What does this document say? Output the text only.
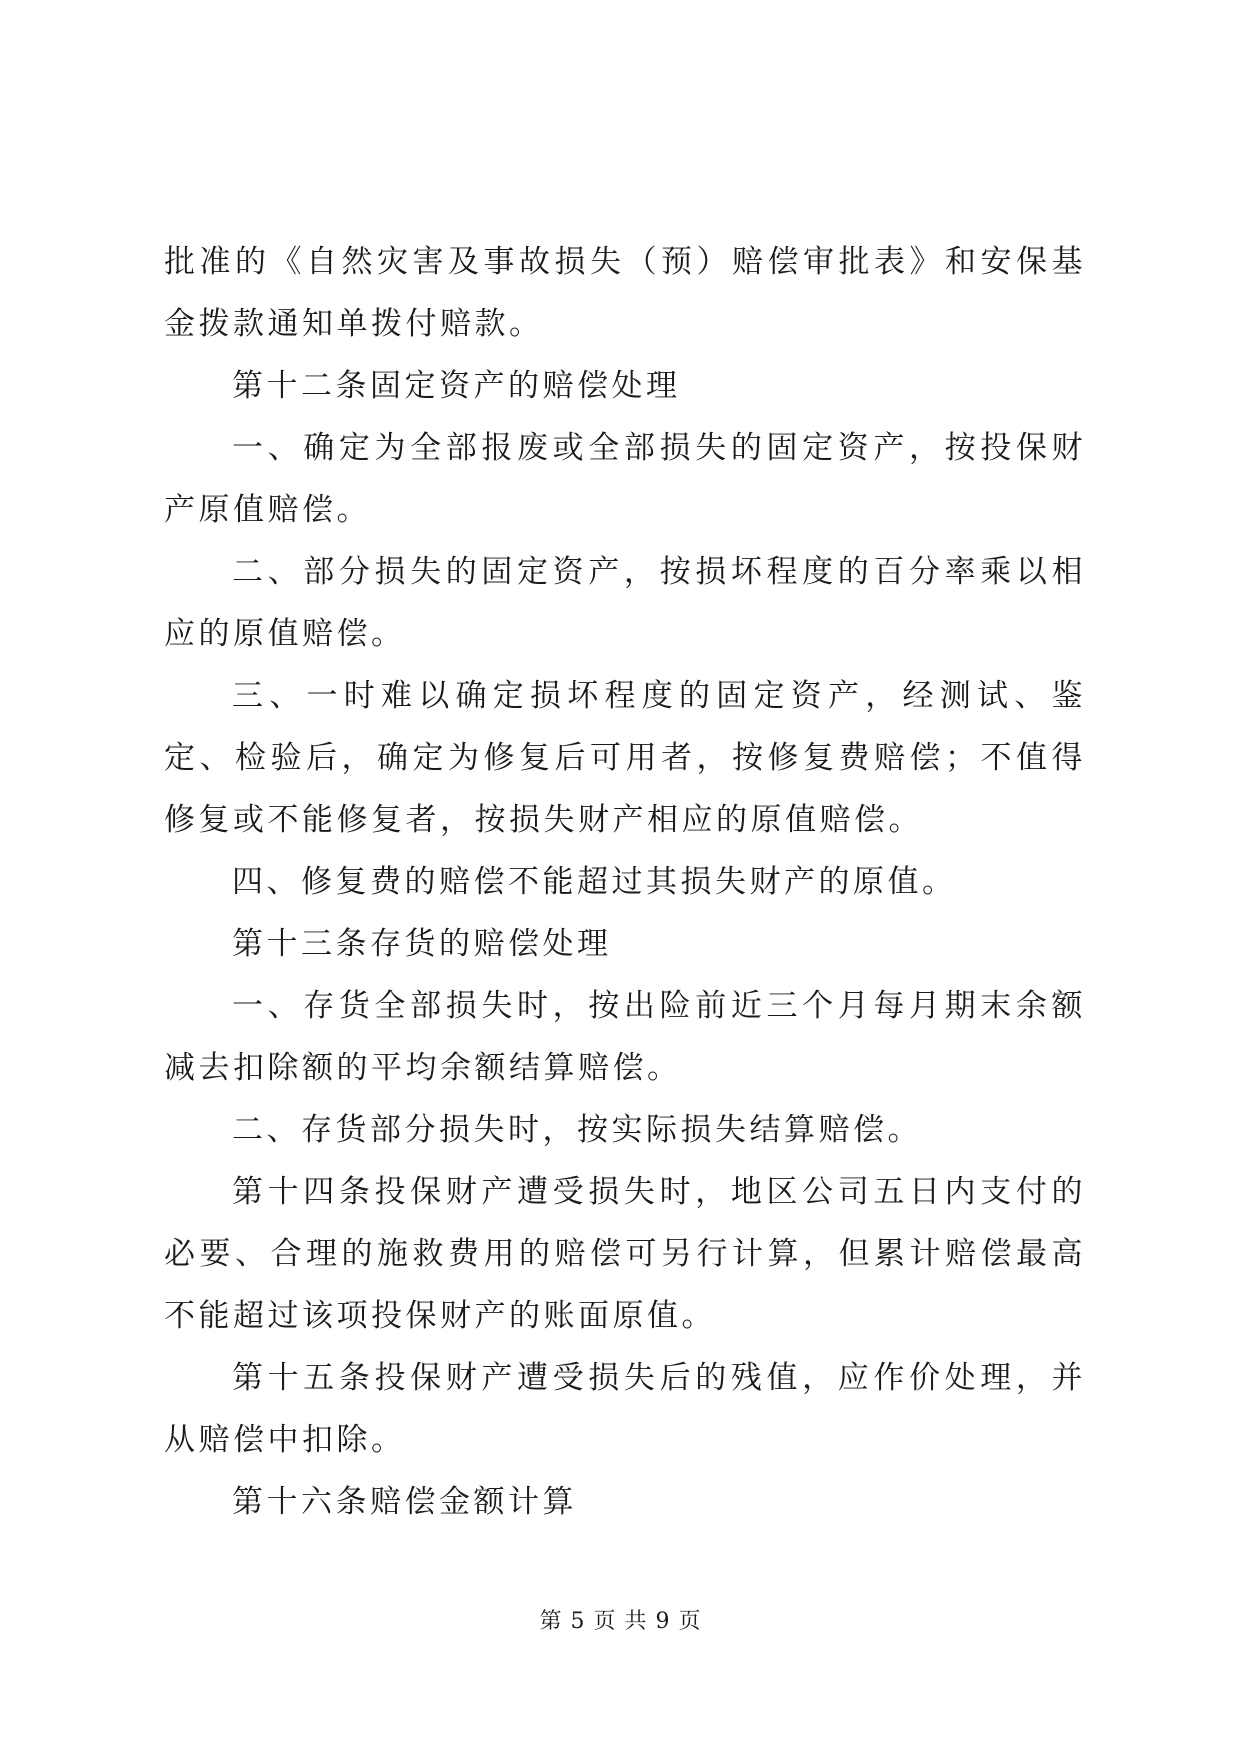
批准的《自然灾害及事故损失（预）赔偿审批表》和安保基金拨款通知单拨付赔款。

第十二条固定资产的赔偿处理

一、确定为全部报废或全部损失的固定资产，按投保财产原值赔偿。

二、部分损失的固定资产，按损坏程度的百分率乘以相应的原值赔偿。

三、一时难以确定损坏程度的固定资产，经测试、鉴定、检验后，确定为修复后可用者，按修复费赔偿；不值得修复或不能修复者，按损失财产相应的原值赔偿。

四、修复费的赔偿不能超过其损失财产的原值。

第十三条存货的赔偿处理

一、存货全部损失时，按出险前近三个月每月期末余额减去扣除额的平均余额结算赔偿。

二、存货部分损失时，按实际损失结算赔偿。

第十四条投保财产遭受损失时，地区公司五日内支付的必要、合理的施救费用的赔偿可另行计算，但累计赔偿最高不能超过该项投保财产的账面原值。

第十五条投保财产遭受损失后的残值，应作价处理，并从赔偿中扣除。

第十六条赔偿金额计算

第 5 页 共 9 页
